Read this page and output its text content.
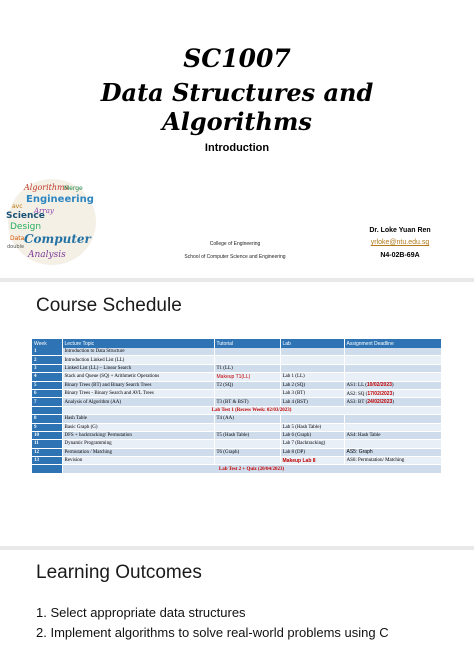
SC1007
Data Structures and
Algorithms
Introduction
Algorithms
Engineering
Science
Array
Design
Computer
Analysis
Data
avc
double
Merge
College of Engineering
School of Computer Science and Engineering
Dr. Loke Yuan Ren
yrloke@ntu.edu.sg
N4-02B-69A
Course Schedule
Week	Lecture Topic	Tutorial	Lab	Assignment Deadline
1	Introduction to Data Structure			
2	Introduction Linked List (LL)			
3	Linked List (LL) – Linear Search	T1 (LL)		
4	Stack and Queue (SQ) + Arithmetic Operations	Makeup T1(LL)	Lab 1 (LL)	
5	Binary Trees (BT) and Binary Search Trees	T2 (SQ)	Lab 2 (SQ)	AS1: LL (10/02/2023)
6	Binary Trees - Binary Search and AVL Trees		Lab 3 (BT)	AS2: SQ (17/02/2023)
7	Analysis of Algorithm (AA)	T3 (BT & BST)	Lab 4 (BST)	AS3: BT (24/02/2023)
	Lab Test 1 (Recess Week: 02/03/2023)			
8	Hash Table	T4 (AA)		
9	Basic Graph (G)		Lab 5 (Hash Table)	
10	DFS + backtracking/ Permutation	T5 (Hash Table)	Lab 6 (Graph)	AS4: Hash Table
11	Dynamic Programming		Lab 7 (Backtracking)	
12	Permutation / Matching	T6 (Graph)	Lab 8 (DP)	AS5: Graph
13	Revision		Makeup Lab 8	AS6: Permutation/ Matching
	Lab Test 2 + Quiz (20/04/2023)			
Learning Outcomes
1. Select appropriate data structures
2. Implement algorithms to solve real-world problems using C
